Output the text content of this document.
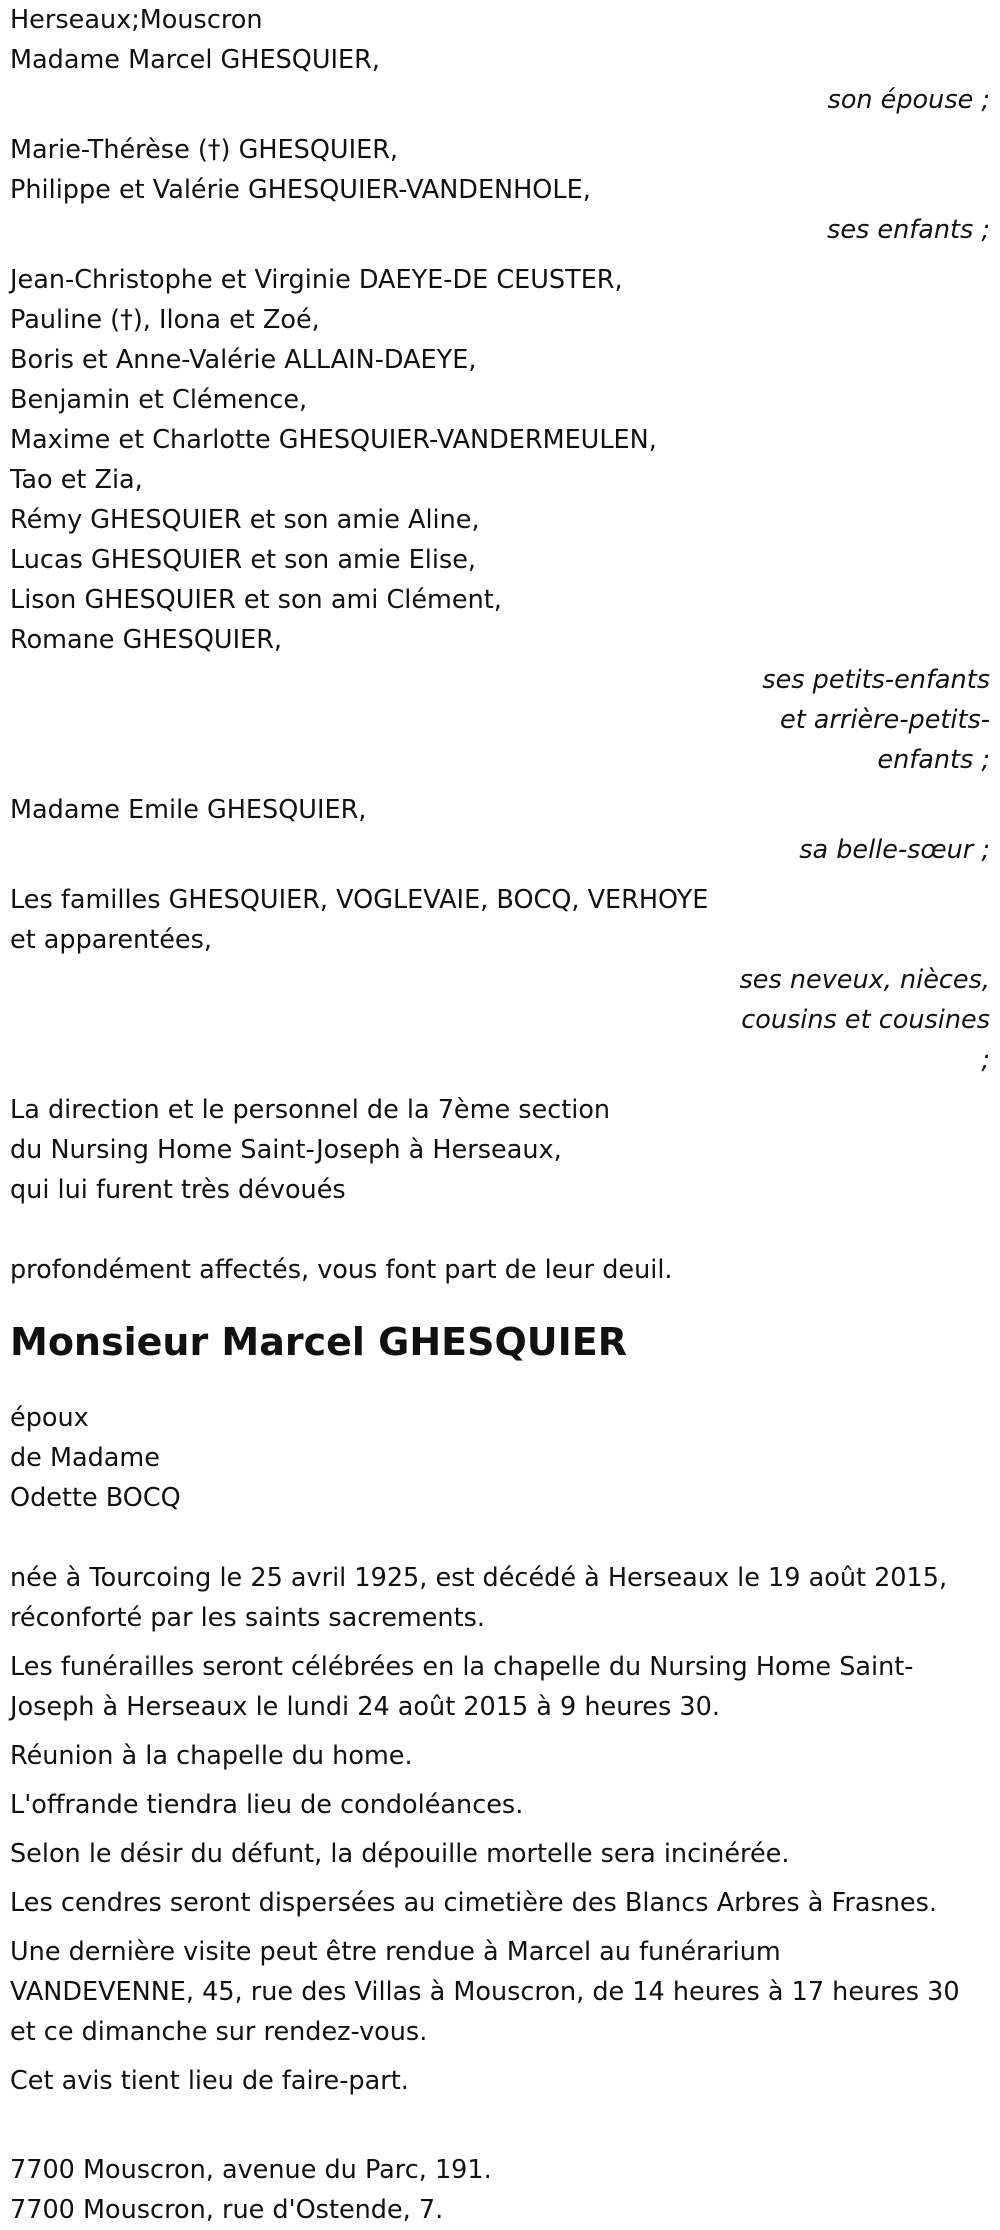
Herseaux;Mouscron
Madame Marcel GHESQUIER,
son épouse ;
Marie-Thérèse (†) GHESQUIER,
Philippe et Valérie GHESQUIER-VANDENHOLE,
ses enfants ;
Jean-Christophe et Virginie DAEYE-DE CEUSTER,
Pauline (†), Ilona et Zoé,
Boris et Anne-Valérie ALLAIN-DAEYE,
Benjamin et Clémence,
Maxime et Charlotte GHESQUIER-VANDERMEULEN,
Tao et Zia,
Rémy GHESQUIER et son amie Aline,
Lucas GHESQUIER et son amie Elise,
Lison GHESQUIER et son ami Clément,
Romane GHESQUIER,
ses petits-enfants
et arrière-petits-
enfants ;
Madame Emile GHESQUIER,
sa belle-sœur ;
Les familles GHESQUIER, VOGLEVAIE, BOCQ, VERHOYE
et apparentées,
ses neveux, nièces,
cousins et cousines
;
La direction et le personnel de la 7ème section
du Nursing Home Saint-Joseph à Herseaux,
qui lui furent très dévoués
profondément affectés, vous font part de leur deuil.
Monsieur Marcel GHESQUIER
époux
de Madame
Odette BOCQ
née à Tourcoing le 25 avril 1925, est décédé à Herseaux le 19 août 2015,
réconforté par les saints sacrements.
Les funérailles seront célébrées en la chapelle du Nursing Home Saint-
Joseph à Herseaux le lundi 24 août 2015 à 9 heures 30.
Réunion à la chapelle du home.
L'offrande tiendra lieu de condoléances.
Selon le désir du défunt, la dépouille mortelle sera incinérée.
Les cendres seront dispersées au cimetière des Blancs Arbres à Frasnes.
Une dernière visite peut être rendue à Marcel au funérarium
VANDEVENNE, 45, rue des Villas à Mouscron, de 14 heures à 17 heures 30
et ce dimanche sur rendez-vous.
Cet avis tient lieu de faire-part.
7700 Mouscron, avenue du Parc, 191.
7700 Mouscron, rue d'Ostende, 7.
